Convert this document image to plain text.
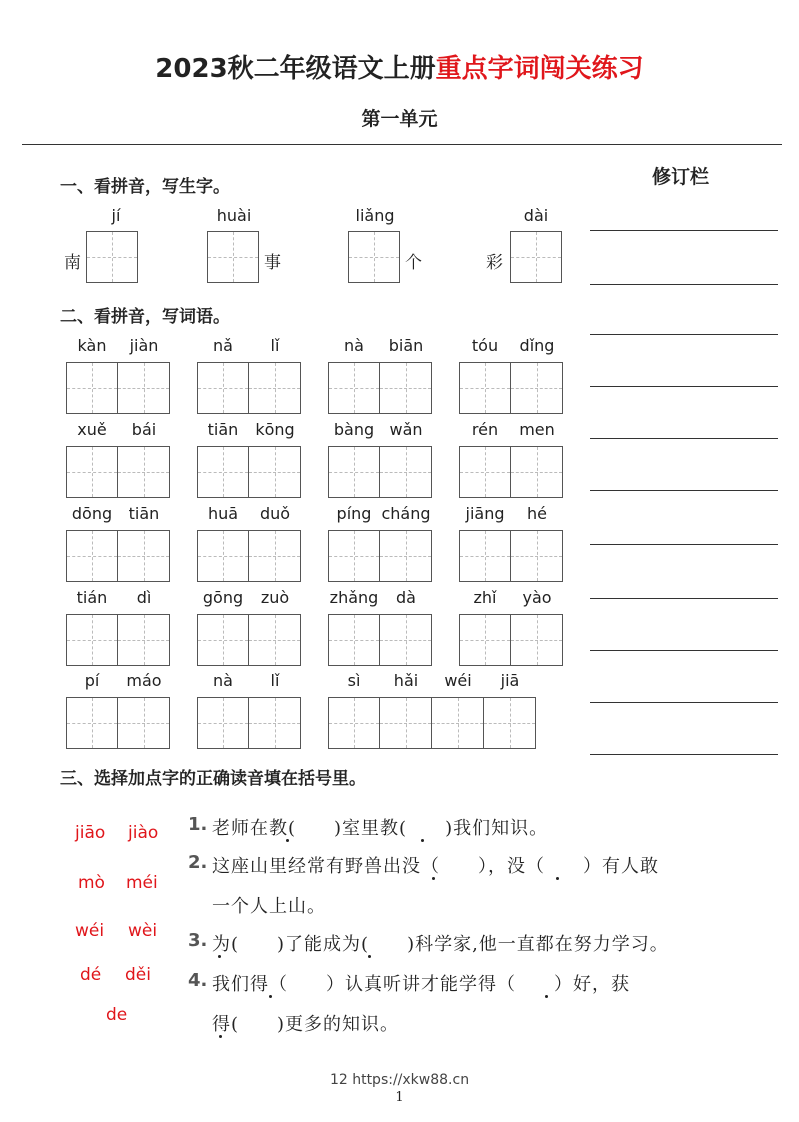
2023秋二年级语文上册重点字词闯关练习
第一单元
修订栏
一、看拼音，写生字。
jí
南
huài
事
liǎng
个
dài
彩
二、看拼音，写词语。
kàn	jiàn	nǎ	lǐ	nà	biān	tóu	dǐng
xuě	bái	tiān	kōng	bàng wǎn	rén	men
dōng	tiān	huā	duǒ	píng cháng	jiāng	hé
tián	dì	gōng	zuò	zhǎng	dà	zhǐ	yào
pí	máo	nà	lǐ	sì	hǎi	wéi	jiā
三、选择加点字的正确读音填在括号里。
jiāo jiào
mò méi
wéi wèi
dé děi
de
1. 老师在教(　　)室里教(　　)我们知识。
2. 这座山里经常有野兽出没（　　），没（　　）有人敢
一个人上山。
3. 为(　　)了能成为(　　)科学家,他一直都在努力学习。
4. 我们得（　　）认真听讲才能学得（　　）好，获
得(　　)更多的知识。
12 https://xkw88.cn
1
